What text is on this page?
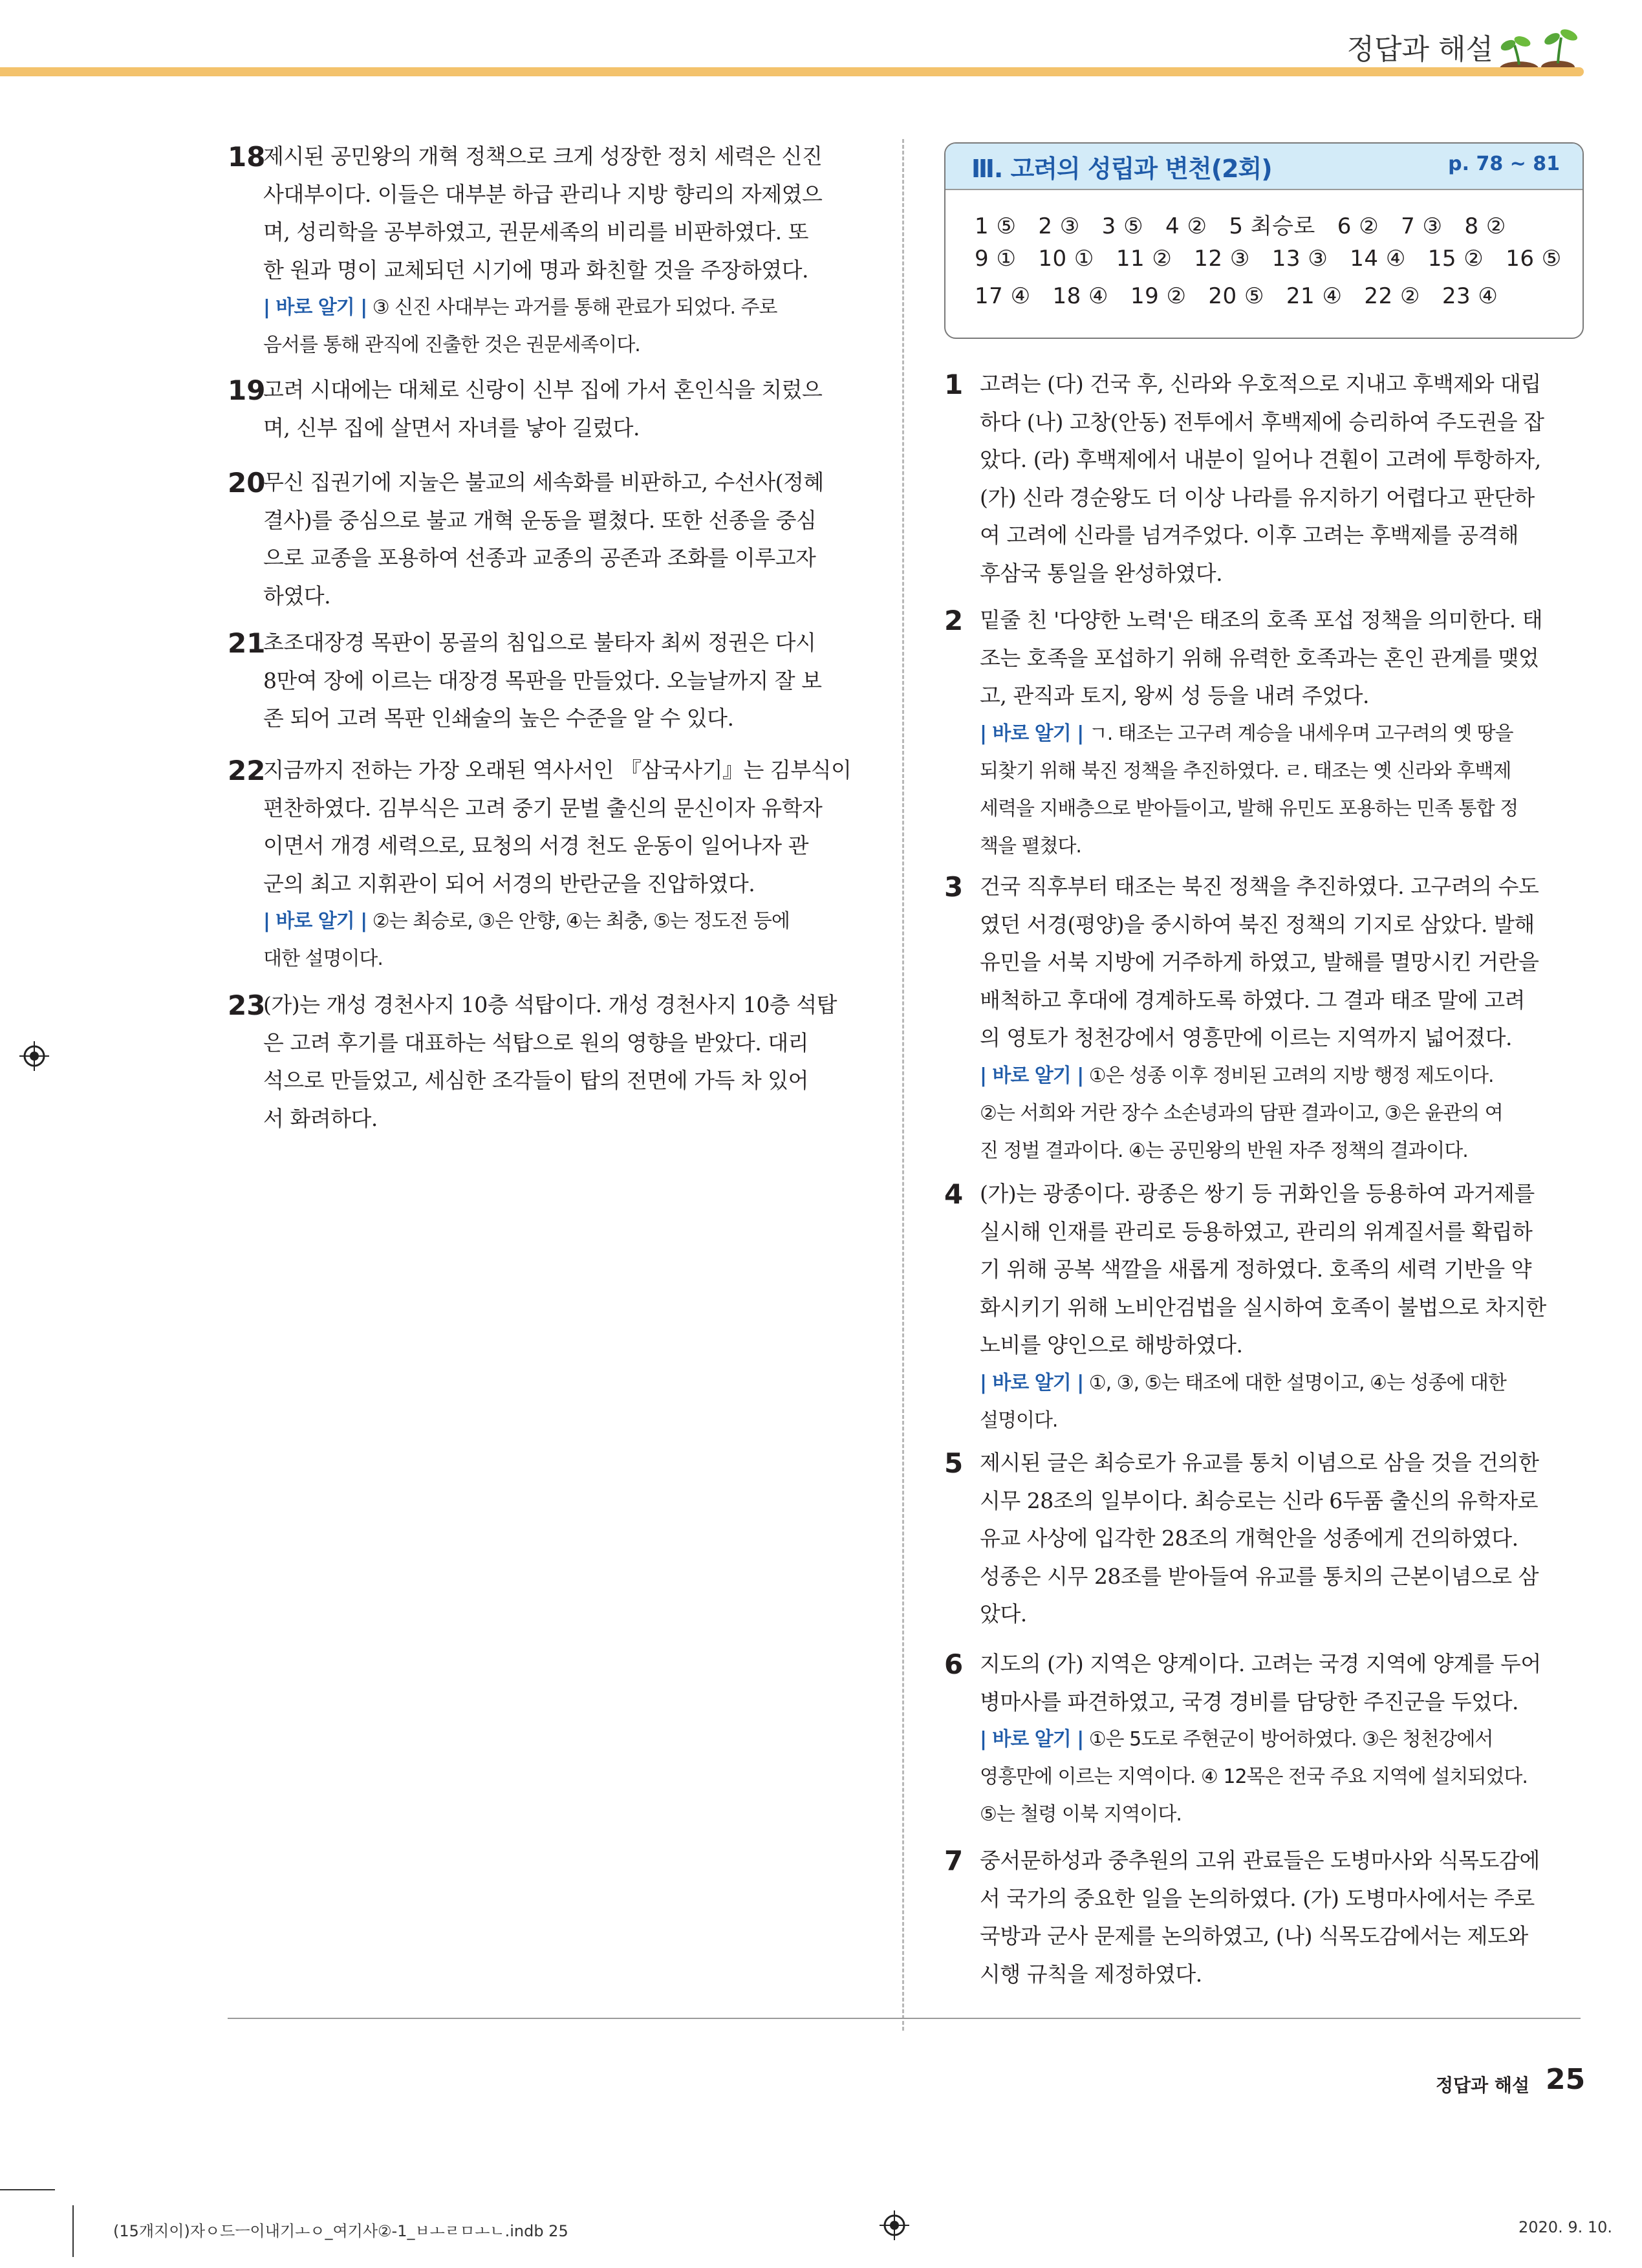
정답과 해설
18

제시된 공민왕의 개혁 정책으로 크게 성장한 정치 세력은 신진

사대부이다. 이들은 대부분 하급 관리나 지방 향리의 자제였으

며, 성리학을 공부하였고, 권문세족의 비리를 비판하였다. 또

한 원과 명이 교체되던 시기에 명과 화친할 것을 주장하였다.

| 바로 알기 | ③ 신진 사대부는 과거를 통해 관료가 되었다. 주로
음서를 통해 관직에 진출한 것은 권문세족이다.
19

고려 시대에는 대체로 신랑이 신부 집에 가서 혼인식을 치렀으

며, 신부 집에 살면서 자녀를 낳아 길렀다.

20

무신 집권기에 지눌은 불교의 세속화를 비판하고, 수선사(정혜

결사)를 중심으로 불교 개혁 운동을 펼쳤다. 또한 선종을 중심

으로 교종을 포용하여 선종과 교종의 공존과 조화를 이루고자

하였다.

21

초조대장경 목판이 몽골의 침입으로 불타자 최씨 정권은 다시

8만여 장에 이르는 대장경 목판을 만들었다. 오늘날까지 잘 보

존 되어 고려 목판 인쇄술의 높은 수준을 알 수 있다.

22

지금까지 전하는 가장 오래된 역사서인 『삼국사기』는 김부식이

편찬하였다. 김부식은 고려 중기 문벌 출신의 문신이자 유학자

이면서 개경 세력으로, 묘청의 서경 천도 운동이 일어나자 관

군의 최고 지휘관이 되어 서경의 반란군을 진압하였다.

| 바로 알기 | ②는 최승로, ③은 안향, ④는 최충, ⑤는 정도전 등에
대한 설명이다.
23

(가)는 개성 경천사지 10층 석탑이다. 개성 경천사지 10층 석탑

은 고려 후기를 대표하는 석탑으로 원의 영향을 받았다. 대리

석으로 만들었고, 세심한 조각들이 탑의 전면에 가득 차 있어

서 화려하다.

Ⅲ. 고려의 성립과 변천(2회)	p. 78 ~ 81
1 ⑤   2 ③   3 ⑤   4 ②   5 최승로   6 ②   7 ③   8 ②
9 ①   10 ①   11 ②   12 ③   13 ③   14 ④   15 ②   16 ⑤
17 ④   18 ④   19 ②   20 ⑤   21 ④   22 ②   23 ④
1 고려는 (다) 건국 후, 신라와 우호적으로 지내고 후백제와 대립

하다 (나) 고창(안동) 전투에서 후백제에 승리하여 주도권을 잡

았다. (라) 후백제에서 내분이 일어나 견훤이 고려에 투항하자,

(가) 신라 경순왕도 더 이상 나라를 유지하기 어렵다고 판단하

여 고려에 신라를 넘겨주었다. 이후 고려는 후백제를 공격해

후삼국 통일을 완성하였다.

2 밑줄 친 '다양한 노력'은 태조의 호족 포섭 정책을 의미한다. 태

조는 호족을 포섭하기 위해 유력한 호족과는 혼인 관계를 맺었

고, 관직과 토지, 왕씨 성 등을 내려 주었다.

| 바로 알기 | ㄱ. 태조는 고구려 계승을 내세우며 고구려의 옛 땅을
되찾기 위해 북진 정책을 추진하였다. ㄹ. 태조는 옛 신라와 후백제
세력을 지배층으로 받아들이고, 발해 유민도 포용하는 민족 통합 정
책을 펼쳤다.
3 건국 직후부터 태조는 북진 정책을 추진하였다. 고구려의 수도

였던 서경(평양)을 중시하여 북진 정책의 기지로 삼았다. 발해

유민을 서북 지방에 거주하게 하였고, 발해를 멸망시킨 거란을

배척하고 후대에 경계하도록 하였다. 그 결과 태조 말에 고려

의 영토가 청천강에서 영흥만에 이르는 지역까지 넓어졌다.

| 바로 알기 | ①은 성종 이후 정비된 고려의 지방 행정 제도이다.
②는 서희와 거란 장수 소손녕과의 담판 결과이고, ③은 윤관의 여
진 정벌 결과이다. ④는 공민왕의 반원 자주 정책의 결과이다.
4 (가)는 광종이다. 광종은 쌍기 등 귀화인을 등용하여 과거제를

실시해 인재를 관리로 등용하였고, 관리의 위계질서를 확립하

기 위해 공복 색깔을 새롭게 정하였다. 호족의 세력 기반을 약

화시키기 위해 노비안검법을 실시하여 호족이 불법으로 차지한

노비를 양인으로 해방하였다.

| 바로 알기 | ①, ③, ⑤는 태조에 대한 설명이고, ④는 성종에 대한
설명이다.
5 제시된 글은 최승로가 유교를 통치 이념으로 삼을 것을 건의한

시무 28조의 일부이다. 최승로는 신라 6두품 출신의 유학자로

유교 사상에 입각한 28조의 개혁안을 성종에게 건의하였다.

성종은 시무 28조를 받아들여 유교를 통치의 근본이념으로 삼

았다.

6 지도의 (가) 지역은 양계이다. 고려는 국경 지역에 양계를 두어

병마사를 파견하였고, 국경 경비를 담당한 주진군을 두었다.

| 바로 알기 | ①은 5도로 주현군이 방어하였다. ③은 청천강에서
영흥만에 이르는 지역이다. ④ 12목은 전국 주요 지역에 설치되었다.
⑤는 철령 이북 지역이다.
7 중서문하성과 중추원의 고위 관료들은 도병마사와 식목도감에

서 국가의 중요한 일을 논의하였다. (가) 도병마사에서는 주로

국방과 군사 문제를 논의하였고, (나) 식목도감에서는 제도와

시행 규칙을 제정하였다.

정답과 해설 25
(15개지이)자ㅇ드ㅡ이내기ㅗㅇ_여기사②-1_ㅂㅗㄹㅁㅗㄴ.indb 25	2020. 9. 10.
